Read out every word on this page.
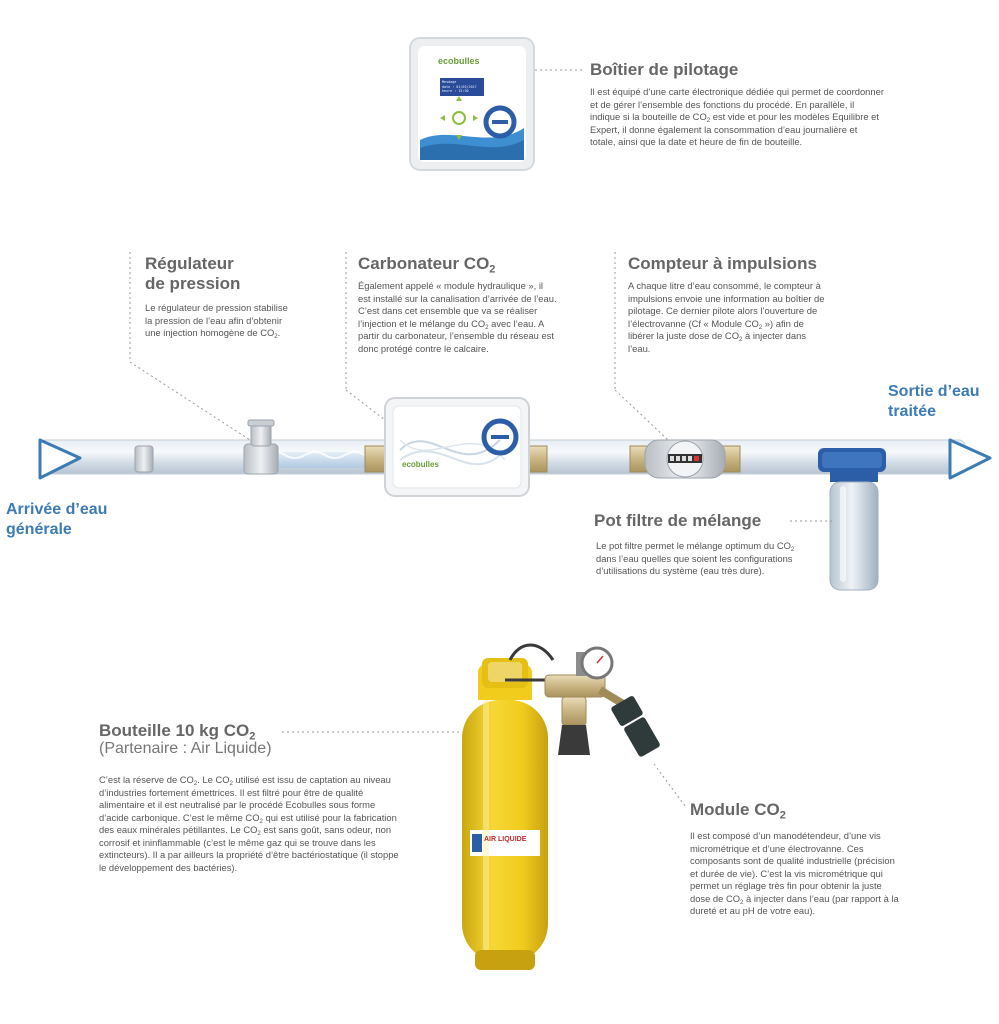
Arrivée d’eau
générale
Sortie d’eau
traitée
Mesdage
date : 01/05/2017
heure : 15:30
ecobulles
ecobulles
AIR LIQUIDE
Boîtier de pilotage
Il est équipé d’une carte électronique dédiée qui permet de coordonner et de gérer l’ensemble des fonctions du procédé. En parallèle, il indique si la bouteille de $CO_2$ est vide et pour les modèles Equilibre et Expert, il donne également la consommation d’eau journalière et totale, ainsi que la date et heure de fin de bouteille.
Régulateur
de pression
Le régulateur de pression stabilise la pression de l’eau afin d’obtenir une injection homogène de $CO_2$.
Carbonateur $CO_2$
Également appelé « module hydraulique », il est installé sur la canalisation d’arrivée de l’eau. C’est dans cet ensemble que va se réaliser l’injection et le mélange du $CO_2$ avec l’eau. A partir du carbonateur, l’ensemble du réseau est donc protégé contre le calcaire.
Compteur à impulsions
A chaque litre d’eau consommé, le compteur à impulsions envoie une information au boîtier de pilotage. Ce dernier pilote alors l’ouverture de l’électrovanne (Cf « Module $CO_2$ ») afin de libérer la juste dose de $CO_2$ à injecter dans l’eau.
Pot filtre de mélange
Le pot filtre permet le mélange optimum du $CO_2$ dans l’eau quelles que soient les configurations d’utilisations du système (eau très dure).
Bouteille 10 kg $CO_2$
(Partenaire : Air Liquide)
C’est la réserve de $CO_2$. Le $CO_2$ utilisé est issu de captation au niveau d’industries fortement émettrices. Il est filtré pour être de qualité alimentaire et il est neutralisé par le procédé Ecobulles sous forme d’acide carbonique. C’est le même $CO_2$ qui est utilisé pour la fabrication des eaux minérales pétillantes. Le $CO_2$ est sans goût, sans odeur, non corrosif et ininflammable (c’est le même gaz qui se trouve dans les extincteurs). Il a par ailleurs la propriété d’être bactériostatique (il stoppe le développement des bactéries).
Module $CO_2$
Il est composé d’un manodétendeur, d’une vis micrométrique et d’une électrovanne. Ces composants sont de qualité industrielle (précision et durée de vie). C’est la vis micrométrique qui permet un réglage très fin pour obtenir la juste dose de $CO_2$ à injecter dans l’eau (par rapport à la dureté et au pH de votre eau).
